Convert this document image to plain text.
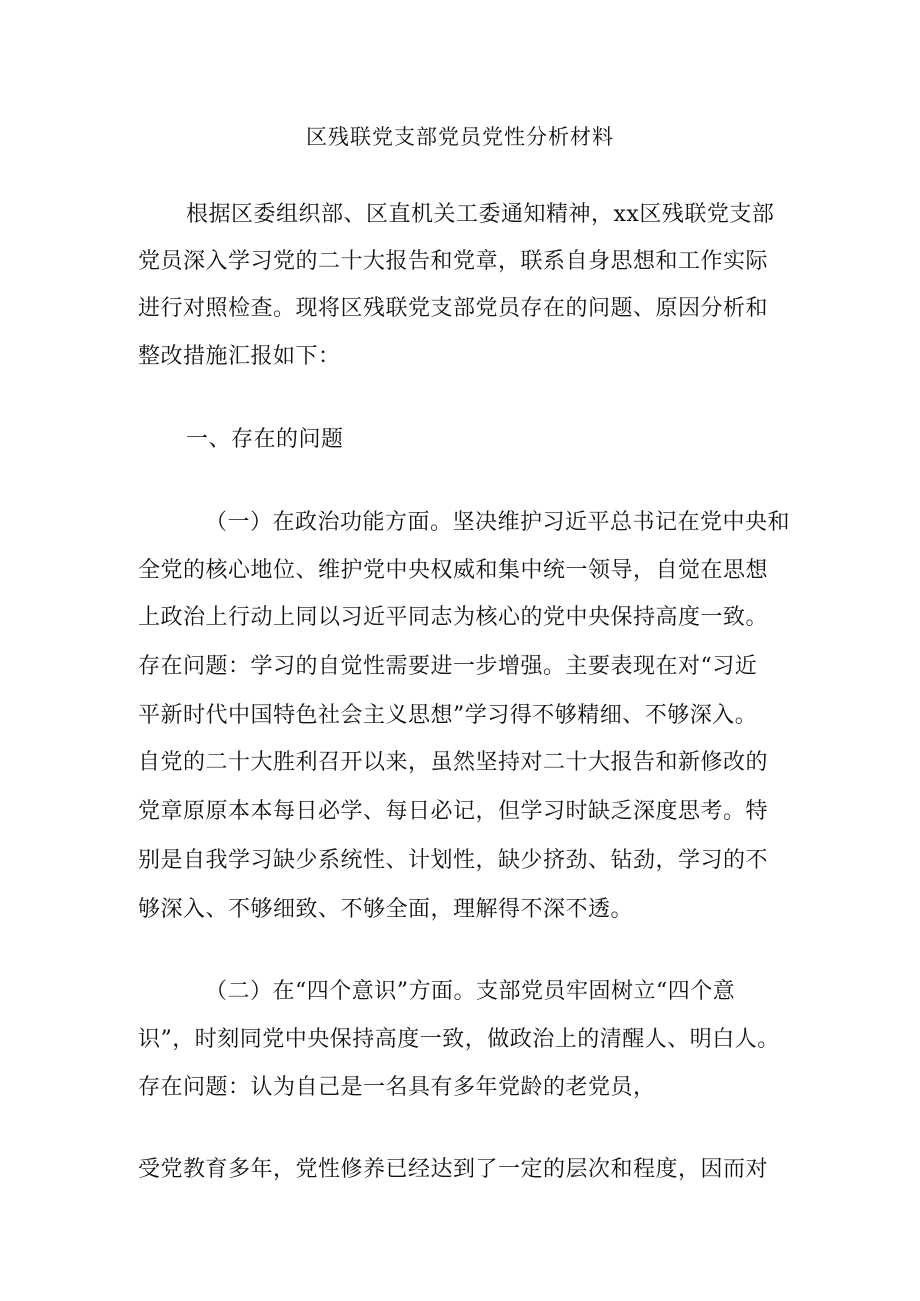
区残联党支部党员党性分析材料
根据区委组织部、区直机关工委通知精神，xx区残联党支部
党员深入学习党的二十大报告和党章，联系自身思想和工作实际
进行对照检查。现将区残联党支部党员存在的问题、原因分析和
整改措施汇报如下：
一、存在的问题
（一）在政治功能方面。坚决维护习近平总书记在党中央和
全党的核心地位、维护党中央权威和集中统一领导，自觉在思想
上政治上行动上同以习近平同志为核心的党中央保持高度一致。
存在问题：学习的自觉性需要进一步增强。主要表现在对“习近
平新时代中国特色社会主义思想”学习得不够精细、不够深入。
自党的二十大胜利召开以来，虽然坚持对二十大报告和新修改的
党章原原本本每日必学、每日必记，但学习时缺乏深度思考。特
别是自我学习缺少系统性、计划性，缺少挤劲、钻劲，学习的不
够深入、不够细致、不够全面，理解得不深不透。
（二）在“四个意识”方面。支部党员牢固树立“四个意
识”，时刻同党中央保持高度一致，做政治上的清醒人、明白人。
存在问题：认为自己是一名具有多年党龄的老党员，
受党教育多年，党性修养已经达到了一定的层次和程度，因而对
